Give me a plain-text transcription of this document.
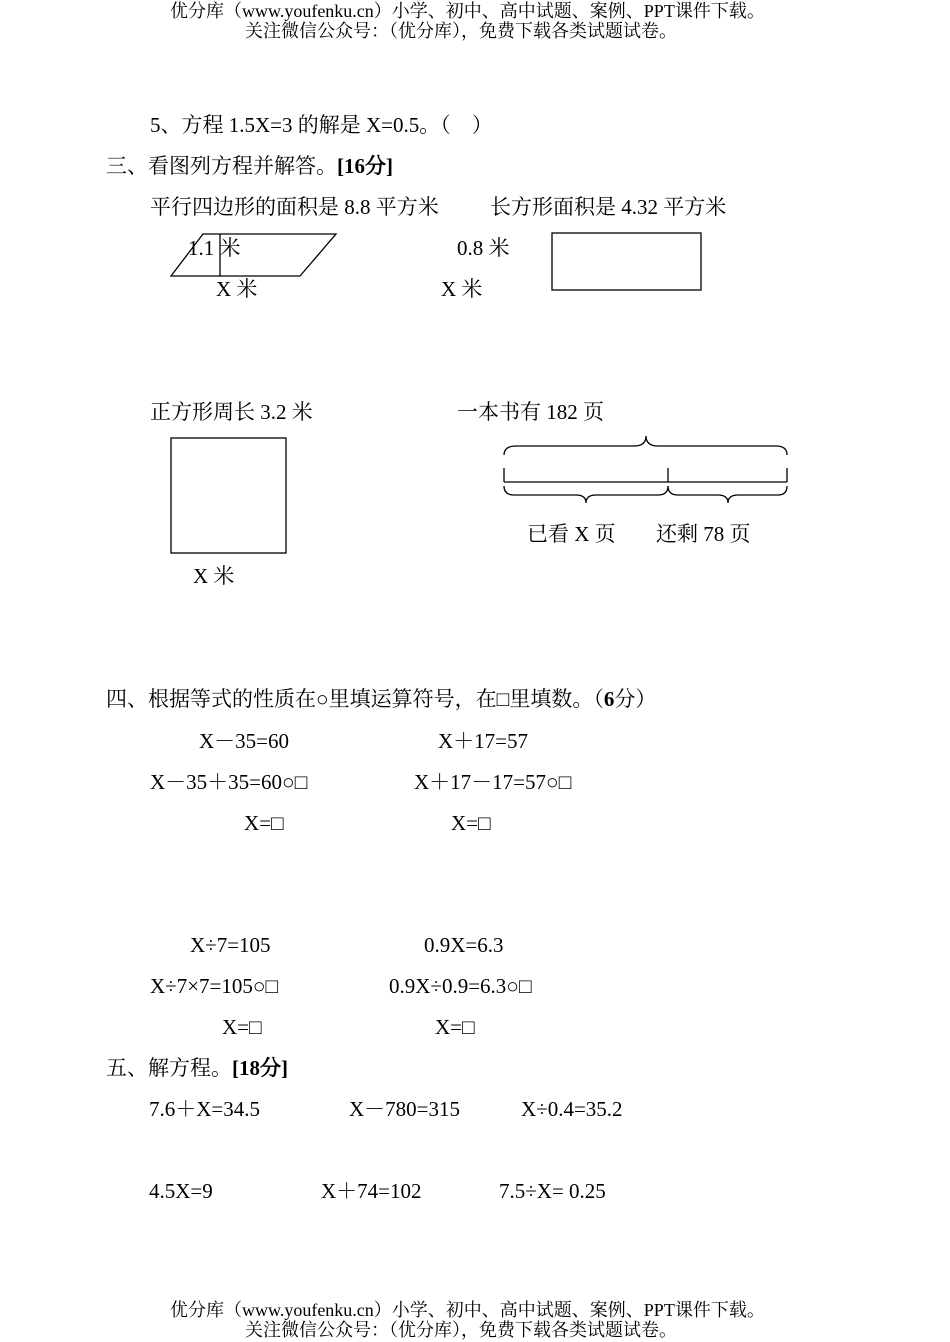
优分库（www.youfenku.cn）小学、初中、高中试题、案例、PPT课件下载。
关注微信公众号：（优分库），免费下载各类试题试卷。
5、方程 1.5X=3 的解是 X=0.5。（　）
三、看图列方程并解答。[16分]
平行四边形的面积是 8.8 平方米 长方形面积是 4.32 平方米
1.1 米
X 米
0.8 米
X 米
正方形周长 3.2 米	一本书有 182 页
X 米
已看 X 页 还剩 78 页
四、根据等式的性质在○里填运算符号，在□里填数。（6分）
X－35=60	X＋17=57
X－35＋35=60○□	X＋17－17=57○□
X=□	X=□
X÷7=105	0.9X=6.3
X÷7×7=105○□	0.9X÷0.9=6.3○□
X=□	X=□
五、解方程。[18分]
7.6＋X=34.5	X－780=315	X÷0.4=35.2
4.5X=9	X＋74=102	7.5÷X= 0.25
优分库（www.youfenku.cn）小学、初中、高中试题、案例、PPT课件下载。
关注微信公众号：（优分库），免费下载各类试题试卷。
